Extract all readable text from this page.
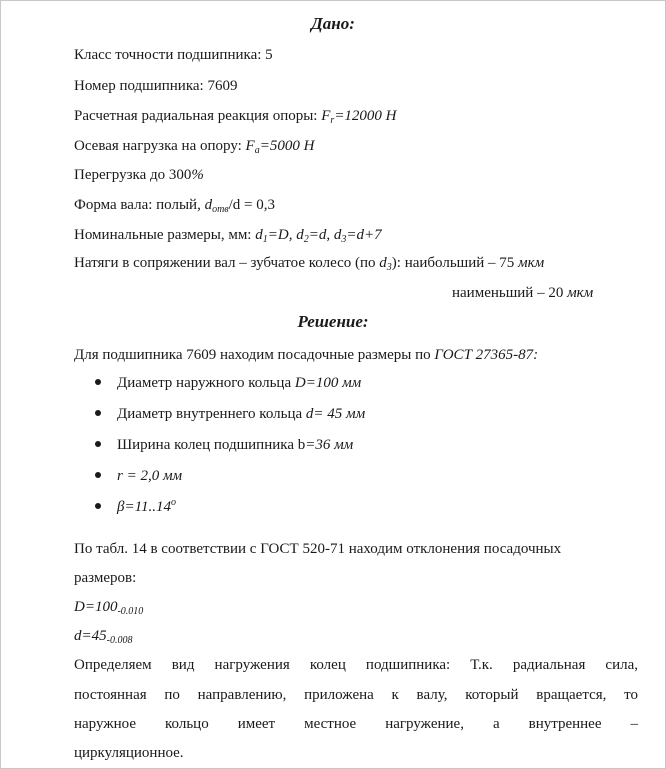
Дано:
Класс точности подшипника: 5
Номер подшипника: 7609
Расчетная радиальная реакция опоры: $F_r=12000$ Н
Осевая нагрузка на опору: $F_a=5000$ Н
Перегрузка до 300%
Форма вала: полый, $d_{отв}/d = 0,3$
Номинальные размеры, мм: $d_1=D$, $d_2=d$, $d_3=d+7$
Натяги в сопряжении вал – зубчатое колесо (по $d_3$): наибольший – 75 мкм
наименьший – 20 мкм
Решение:
Для подшипника 7609 находим посадочные размеры по ГОСТ 27365-87:
Диаметр наружного кольца D=100 мм
Диаметр внутреннего кольца d= 45 мм
Ширина колец подшипника b=36 мм
r = 2,0 мм
$\beta=11..14^o$
По табл. 14 в соответствии с ГОСТ 520-71 находим отклонения посадочных
размеров:
$D=100_{-0.010}$
$d=45_{-0.008}$
Определяем вид нагружения колец подшипника: Т.к. радиальная сила,
постоянная по направлению, приложена к валу, который вращается, то
наружное кольцо имеет местное нагружение, а внутреннее –
циркуляционное.
